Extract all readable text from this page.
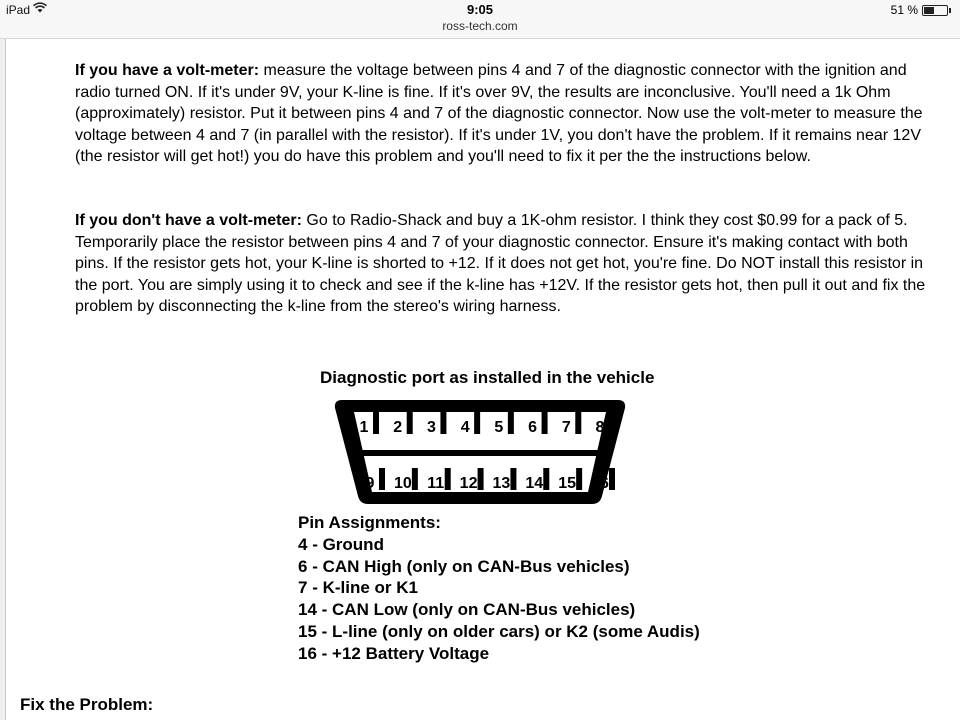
iPad	9:05
ross-tech.com
51 %

If you have a volt-meter: measure the voltage between pins 4 and 7 of the diagnostic connector with the ignition and radio turned ON. If it's under 9V, your K-line is fine. If it's over 9V, the results are inconclusive. You'll need a 1k Ohm (approximately) resistor. Put it between pins 4 and 7 of the diagnostic connector. Now use the volt-meter to measure the voltage between 4 and 7 (in parallel with the resistor). If it's under 1V, you don't have the problem. If it remains near 12V (the resistor will get hot!) you do have this problem and you'll need to fix it per the the instructions below.

If you don't have a volt-meter: Go to Radio-Shack and buy a 1K-ohm resistor. I think they cost $0.99 for a pack of 5. Temporarily place the resistor between pins 4 and 7 of your diagnostic connector. Ensure it's making contact with both pins. If the resistor gets hot, your K-line is shorted to +12. If it does not get hot, you're fine. Do NOT install this resistor in the port. You are simply using it to check and see if the k-line has +12V. If the resistor gets hot, then pull it out and fix the problem by disconnecting the k-line from the stereo's wiring harness.

Diagnostic port as installed in the vehicle
1 2 3 4 5 6 7 8
9 10 11 12 13 14 15 16
Pin Assignments:
4 - Ground
6 - CAN High (only on CAN-Bus vehicles)
7 - K-line or K1
14 - CAN Low (only on CAN-Bus vehicles)
15 - L-line (only on older cars) or K2 (some Audis)
16 - +12 Battery Voltage
Fix the Problem:
